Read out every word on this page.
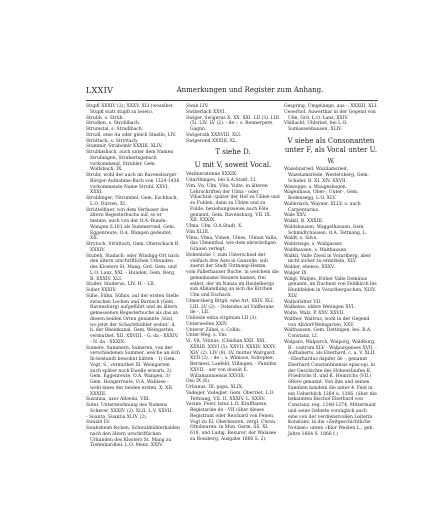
LXXIV	Anmerkungen und Register zum Anhang.

Stupfl XXXIV (2); XXXV. XLI (woselbst Stupfl statt stupfl zu lesen).

Strubb, s. Strüb.

Strudlen, s. Strobibach.

Strumstal, s. Strudlbach.

Strudl, eine Au oder gleich Staelle, LIV.

Strüttach, s. Stryttach.

Stummir, Strabomir XXXIII. XLIV.

Strubbisbach, auch unter dem Namen Strubingen, Strubertsgebach vorkommend, Strubler, Gem. Wolfsbach, IX.

Strubr, wohl der auch im Ravensburger Bürger-Aufnahme-Buch von 1324-1436 vorkommende Name Strubl. XXVI. XXXI.

Strublinger, ?Strumbel, Gem. Eschbach, L.O. Dürren, XI.

Strüttelfluer, von dem Verfasser des ältern Regesterbuchs auf, so er meinte, auch von der O.A.-Bunde: Wangen S.161 als Summerried, Gem. Eggenreute, O.A. Wangen gedeutet, XII.

Strytoch, Strüttach, Gem. Oberschach B. XXXIV.

Stubeh, Stadach: oder Windigg-Ort nach den ältern urschriftlichen Urkunden des Klosters St. Mang. Grd. Gem. und L.O. Lanz, XXI. - Hunden, Gem. Berg, B. XXXIV. XLI.

Studer, Studerus, LIV. H. - LII.

Suber XXXIV.

Sühe, Sühn, Sühns, auf der ersten Stelle zwischen Lochen und Barnsch (Gem. Ravensburg) aufgeführt und im ältern gemessenen Regesterbuche als das an diesen beiden Orten genannte ‚Süst, wo jetzt der Schachtbühler wohnt', d. h. der Rheinkanal, Gem. Weingarten, vermuthet, XII. XXVIII. - G. da - XXXIV. - N. da - XXXIX.

Sumere, Summern, Sumeren, von der verschiedenen Summer, welche an sich In-bestandt bewohnt hätten - 1) Gem. Vogt, S., vermuthet XI. Weingarten auch später noch Ewelle erwarb, 2) Gem. Eggenreute, O.A. Wangen, 3) Gem. Hungerreute, O.A. Waldsee - wohl eines der beiden ersten, X. XII. XXXIII.

Susanna, uxor Albwini, VIII.

Suter, Unterzeichnung des Namens Scherer, XXXIV (2). XLII. L.V. XXVII.

- Suanta, Suantia XLIV (2).

Swazili LV.

Swabsheim fechen, Schwabbühlerhalden nach den ältern urschriftlichen Urkunden des Klosters St. Mang zu Tiefenhardbel. L.O. Menz, XXIV.

Swab LIV.

Swiberlach XXVI.

Swiger, Swigerus X. XX. XXI. LII (3). LIII (5). LIV. LV (2). - de -, s. Rennerpere, Gagnn.

Swigerath XXXVIII. XLI.

Swiperend XXXIII. XL.

T siehe D.

U mit V, soweit Vocal.

Vezilneratenne XXXIX.

Udarthingen, bei S.A.Stadt, LI.

Vlm, Vn, Ulm, Vlin, Vulte, in älteren Lehrschriften der Ulma - oder Vlbachtal; später der Hof zu Ülden und zu Fulden, dann zu Ülden und zu Fulde, beziehungsweise auch Föle genannt, Gem. Ravensburg, VII. IX. XII. XXXIX.

Ulma, Ulm, O.A.Stadt, X.

Vlm XLIII.

Vlma, Vlma, Vlmen, Ulnes, Ulmun Valla, das Ulmenthal, wie dem ehrwürdigen Grauen verlegt.

Hohenlohe ?, zum Unterschied der vielfach drei Aste in Ganzolle, sub zuerst der Stadt Tottnang-Hemm.

vom Fallerhauser Buche, in welchem die gemeinsame Steuern kamen, frei selbst, der im Nanza im Heidelberga sub Abhandlung an sich die Kirchen Ulm und Eschach.

Ulmersberg Brigh, eine Art, XXIV. XLI. LIII. LV (2). - Ostendus ad Vulfferane de -, LII.

Unfoiste entia virginum LII (3).

Unterweilen XXIV.

Unterer Zähel, s. Collin.

Unter-Weg, s. Vm.

Vi, Vit, Vitinus, (Cleidian XXII. XXI. XXXIII. XXVI (5). XXVII. XXXIV. XXXV. XLV (2). LIV (8). LV. mutter Walrgard. XVII (2). - de -, s. Wimoos, Svitoptee, Bermest, Laefeld, Villingen, - Pantifex XXVII. - ser von dossiit E. Willamanniensis XXVIII.

Oso IX (6).

Urbanus, III. papa, XLIX.

Vadeger, Vadegler, Gem. Oberriet, L.O. Tettnang, VII. II. XXXIV. L. XXXV.

Vavine, Fewr, latus L.O. Krufflanwe, Registaride do - VII (über dieses Registrant oder Reichard von Fenen, Vogt zu El. Oberbeuren, vergl. Chron. Ottobeuren. in Mon. Germ. SS. XI. 618, und Ludig. Rexurer, der Walasee zu Rossberg, Ausgabe 1860 S. 2).

Gespring, Umgelange, aus -, XXXIII. XLI.

Ueoerhof, Auwerthar in der Gegend von Ulm, Grd. L.O. Lanz, XXIV.

Vhlllacht, Uhlsried, bei L.O. Sumassenhausen, XLIV.

V siehe als Consonanten unter F, als Vocal unter U.

W.

Wazelinsried, Wazilamsried, Wazelamsriede, Westersberg, Gem. Schider, B. XI. XIV. XXVII.

Wawoppe, s. Waugesbogen.

Wagenhaus, Ober-, Unter-, Gem. Bodensegg, L.O. XLV.

Walleriach, Wayner. XLLV, s. auch Carpentarius.

Wale XXV.

Walkil, B. XXXIII.

Waldshausen, Waggelhausen, Gem. Schmidtchausen, O.A. Tettnang, L.

Waldt, s. Silva.

Waldsteige, s. Wallgasser.

Waldhausen, s. Walthausen.

Walkil, Valle Zweil in Vorarlberg, aber nicht sicher zu ermitteln, XLV.

Walder, ebenso, XXXV.

Walger IX.

Walgl, Walpes, früher Valle Dominus genannt, im Duchent von Feldkirch bis Hunkfelden in Vorarlbergischen, XLIV. XLV.

Walhofsitter VII.

Walkeine, obbre Wetingen XVI.

Walte, Walz, P. XXV. XXVII.

Walther, Waltrus, wohl in der Gegend von Altdorf-Weingarten, XXV.

Walthausen, Gem. Dettingen, bei. B.A. Constanz, LI.

Walpare, Walpurch, Walporg, Waldburg, B., castrum XLV - Walpurgenses XVII. - Aufhaberts, als Eberhard, c. a. V. XLII. - Eberhardus dapifer de -, genannt Eberhard Constantinensis episcopi, in der Geschichte des Hohenstaufen K. Friedrichs II. und K. Heinrichs (VII.) öftere genannt. Von ihm und seinen Familien handeln die unter 4. Feld in ein Ueberblick 1264 u. 1266, (über die bekannten Bischof Eberhard von Constanz, reg. 1248-1274, Mittermaut und seine Gebiete vorzüglich auch eine von der verdienstvollen Leiterin Konstanz, in die »Zeitgeschichtliche Notizen« unten »Klor Weiden L., geb. Jahre 1664 S. 1866 f.)
